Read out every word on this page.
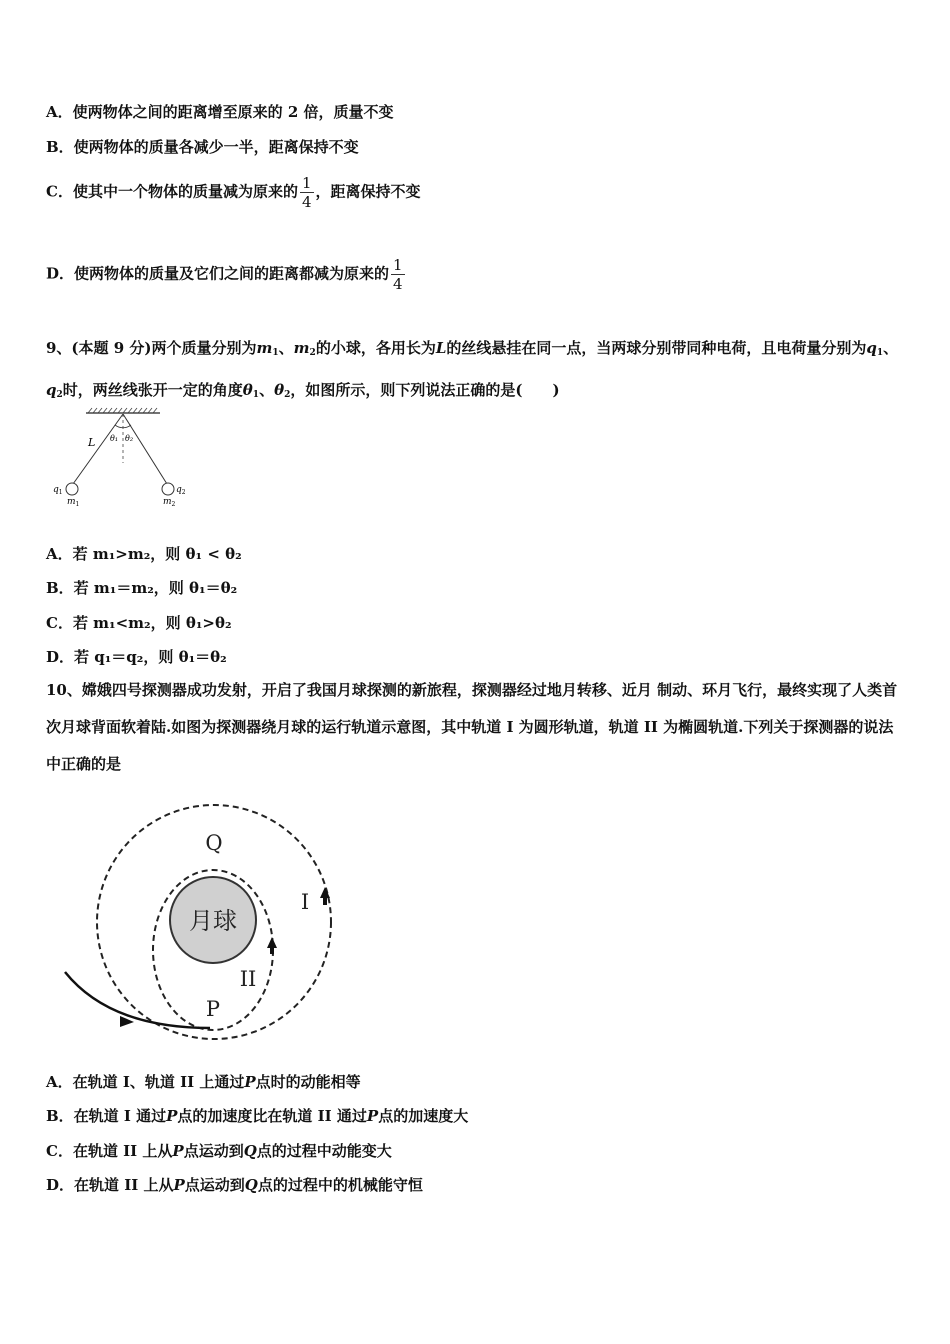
A．使两物体之间的距离增至原来的 2 倍，质量不变
B．使两物体的质量各减少一半，距离保持不变
C．使其中一个物体的质量减为原来的 $\frac{1}{4}$ ，距离保持不变
D．使两物体的质量及它们之间的距离都减为原来的 $\frac{1}{4}$
9、(本题 9 分)两个质量分别为$m_1$、$m_2$的小球，各用长为L的丝线悬挂在同一点，当两球分别带同种电荷，且电荷量分别为$q_1$、$q_2$时，两丝线张开一定的角度$\theta_1$、$\theta_2$，如图所示，则下列说法正确的是(　　)
L θ₁ θ₂
$q_1$	$q_2$
$m_1$	$m_2$
A．若 m₁>m₂，则 θ₁ < θ₂
B．若 m₁＝m₂，则 θ₁＝θ₂
C．若 m₁<m₂，则 θ₁>θ₂
D．若 q₁＝q₂，则 θ₁＝θ₂
10、嫦娥四号探测器成功发射，开启了我国月球探测的新旅程，探测器经过地月转移、近月 制动、环月飞行，最终实现了人类首次月球背面软着陆.如图为探测器绕月球的运行轨道示意图，其中轨道 I 为圆形轨道，轨道 II 为椭圆轨道.下列关于探测器的说法中正确的是
月球
Q
I
II
P
A．在轨道 I、轨道 II 上通过P点时的动能相等
B．在轨道 I 通过P点的加速度比在轨道 II 通过P点的加速度大
C．在轨道 II 上从P点运动到Q点的过程中动能变大
D．在轨道 II 上从P点运动到Q点的过程中的机械能守恒
